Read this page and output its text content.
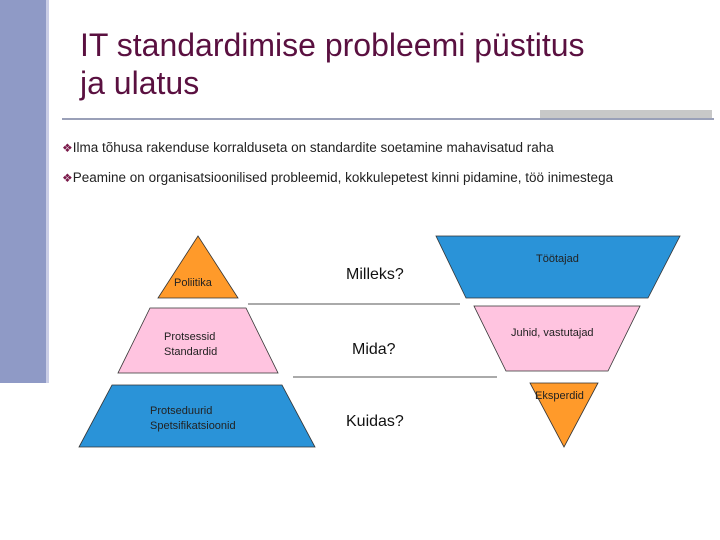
IT standardimise probleemi püstitus
ja ulatus
❖Ilma tõhusa rakenduse korralduseta on standardite soetamine mahavisatud raha
❖Peamine on organisatsioonilised probleemid, kokkulepetest kinni pidamine, töö inimestega
Poliitika
Protsessid
Standardid
Protseduurid
Spetsifikatsioonid
Milleks?
Mida?
Kuidas?
Töötajad
Juhid, vastutajad
Eksperdid
